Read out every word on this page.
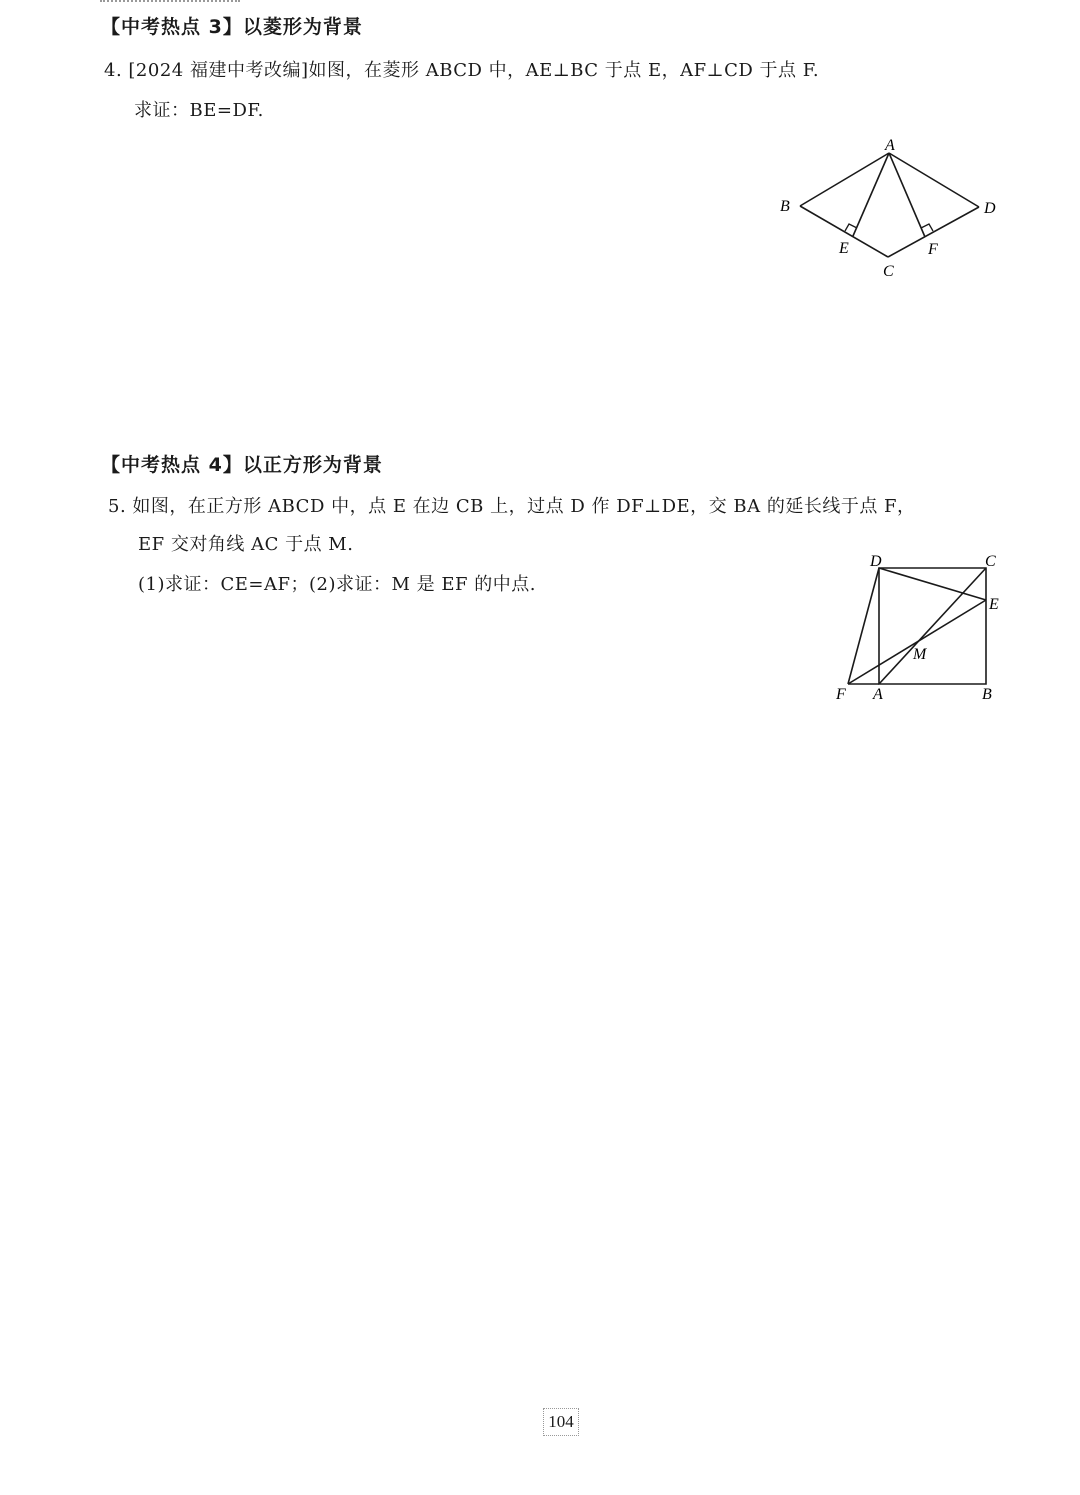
【中考热点 3】以菱形为背景
4. [2024 福建中考改编]如图，在菱形 ABCD 中，AE⊥BC 于点 E，AF⊥CD 于点 F.
求证：BE=DF.
A
B
C
D
E	F
【中考热点 4】以正方形为背景
5. 如图，在正方形 ABCD 中，点 E 在边 CB 上，过点 D 作 DF⊥DE，交 BA 的延长线于点 F，
EF 交对角线 AC 于点 M.
(1)求证：CE=AF；(2)求证：M 是 EF 的中点.
D	C
E
M
F A	B
104
